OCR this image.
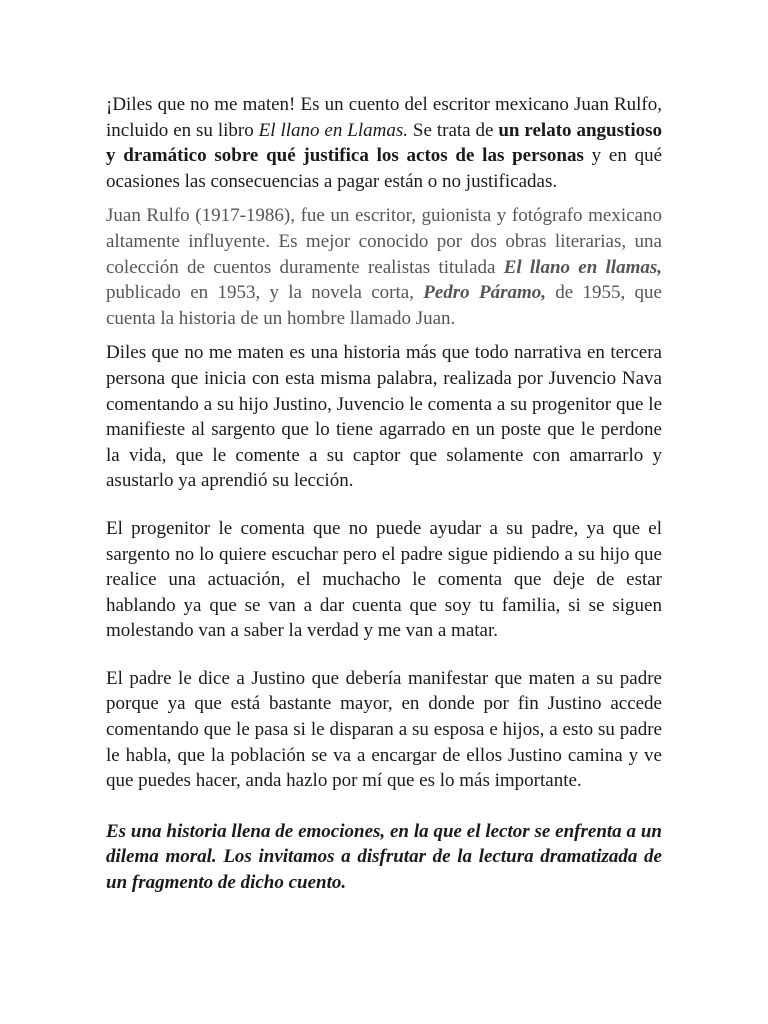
¡Diles que no me maten! Es un cuento del escritor mexicano Juan Rulfo, incluido en su libro El llano en Llamas. Se trata de un relato angustioso y dramático sobre qué justifica los actos de las personas y en qué ocasiones las consecuencias a pagar están o no justificadas.

Juan Rulfo (1917-1986), fue un escritor, guionista y fotógrafo mexicano altamente influyente. Es mejor conocido por dos obras literarias, una colección de cuentos duramente realistas titulada El llano en llamas, publicado en 1953, y la novela corta, Pedro Páramo, de 1955, que cuenta la historia de un hombre llamado Juan.

Diles que no me maten es una historia más que todo narrativa en tercera persona que inicia con esta misma palabra, realizada por Juvencio Nava comentando a su hijo Justino, Juvencio le comenta a su progenitor que le manifieste al sargento que lo tiene agarrado en un poste que le perdone la vida, que le comente a su captor que solamente con amarrarlo y asustarlo ya aprendió su lección.

El progenitor le comenta que no puede ayudar a su padre, ya que el sargento no lo quiere escuchar pero el padre sigue pidiendo a su hijo que realice una actuación, el muchacho le comenta que deje de estar hablando ya que se van a dar cuenta que soy tu familia, si se siguen molestando van a saber la verdad y me van a matar.

El padre le dice a Justino que debería manifestar que maten a su padre porque ya que está bastante mayor, en donde por fin Justino accede comentando que le pasa si le disparan a su esposa e hijos, a esto su padre le habla, que la población se va a encargar de ellos Justino camina y ve que puedes hacer, anda hazlo por mí que es lo más importante.

Es una historia llena de emociones, en la que el lector se enfrenta a un dilema moral. Los invitamos a disfrutar de la lectura dramatizada de un fragmento de dicho cuento.
